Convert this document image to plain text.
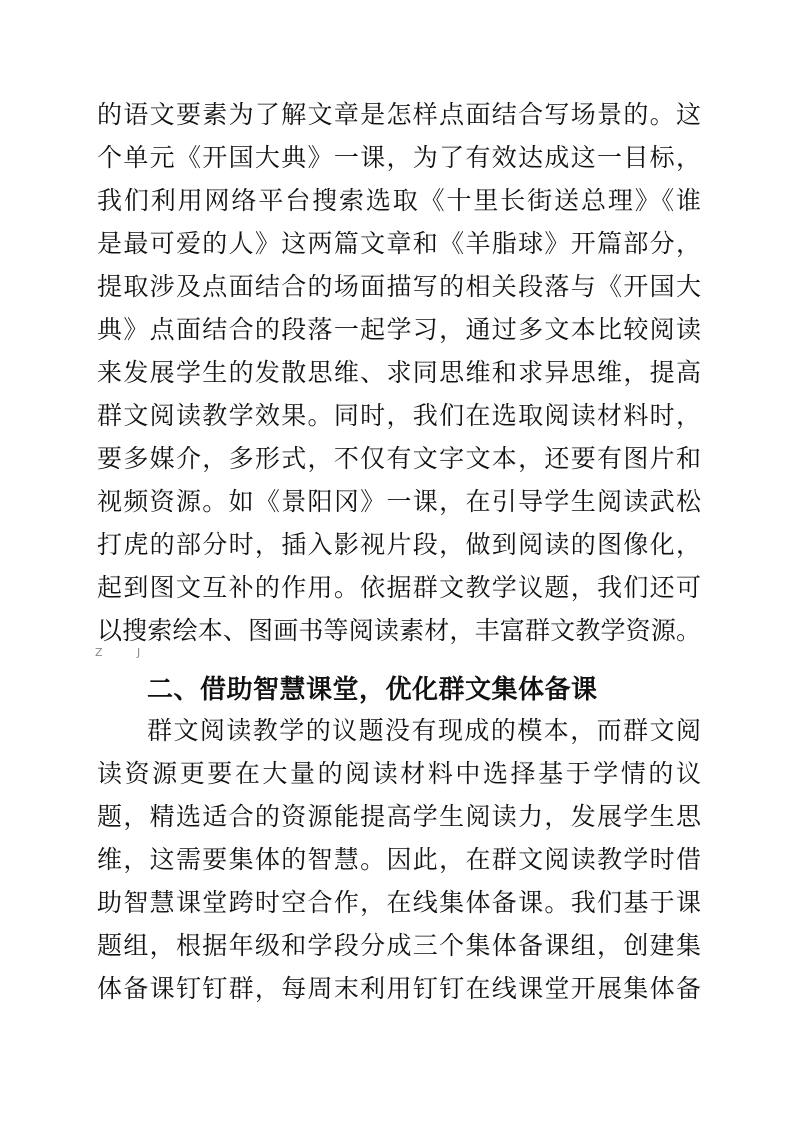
的语文要素为了解文章是怎样点面结合写场景的。这
个单元《开国大典》一课，为了有效达成这一目标，
我们利用网络平台搜索选取《十里长街送总理》《谁
是最可爱的人》这两篇文章和《羊脂球》开篇部分，
提取涉及点面结合的场面描写的相关段落与《开国大
典》点面结合的段落一起学习，通过多文本比较阅读
来发展学生的发散思维、求同思维和求异思维，提高
群文阅读教学效果。同时，我们在选取阅读材料时，
要多媒介，多形式，不仅有文字文本，还要有图片和
视频资源。如《景阳冈》一课，在引导学生阅读武松
打虎的部分时，插入影视片段，做到阅读的图像化，
起到图文互补的作用。依据群文教学议题，我们还可
以搜索绘本、图画书等阅读素材，丰富群文教学资源。
Z	J
二、借助智慧课堂，优化群文集体备课
群文阅读教学的议题没有现成的模本，而群文阅
读资源更要在大量的阅读材料中选择基于学情的议
题，精选适合的资源能提高学生阅读力，发展学生思
维，这需要集体的智慧。因此，在群文阅读教学时借
助智慧课堂跨时空合作，在线集体备课。我们基于课
题组，根据年级和学段分成三个集体备课组，创建集
体备课钉钉群，每周末利用钉钉在线课堂开展集体备
